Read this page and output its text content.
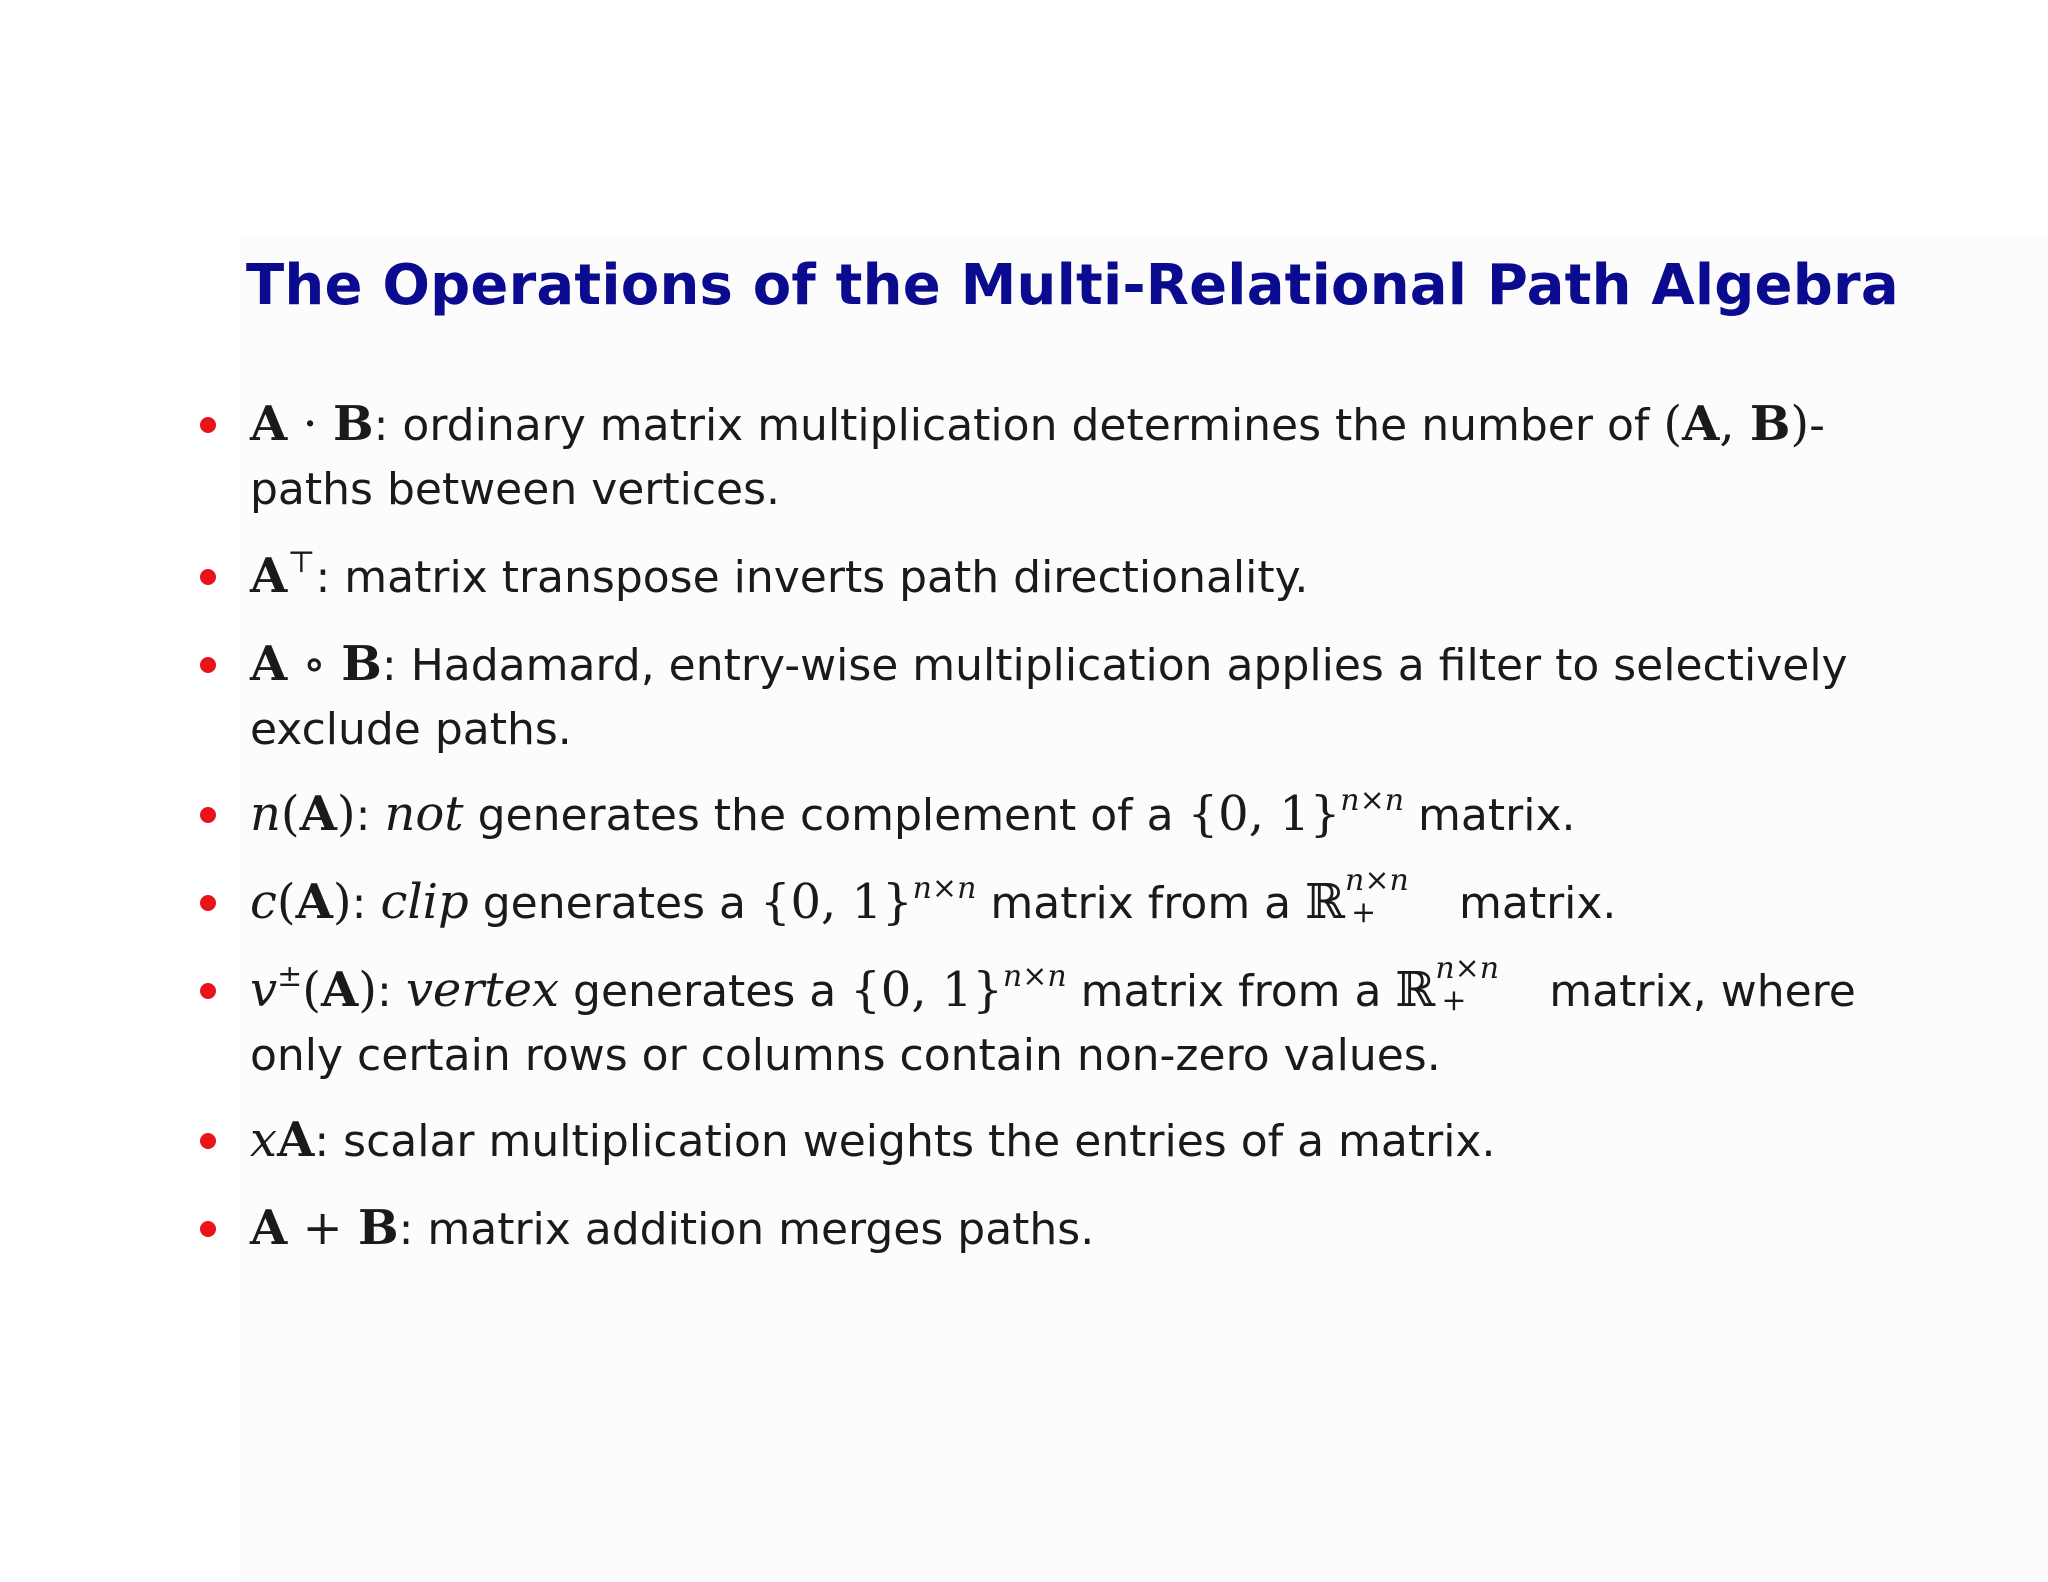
The Operations of the Multi-Relational Path Algebra
A · B: ordinary matrix multiplication determines the number of (A, B)-
paths between vertices.
A⊤: matrix transpose inverts path directionality.
A ∘ B: Hadamard, entry-wise multiplication applies a filter to selectively
exclude paths.
n(A): not generates the complement of a {0, 1}$^{n\times n}$ matrix.
c(A): clip generates a {0, 1}$^{n\times n}$ matrix from a ℝ n×n
+ matrix.
v±(A): vertex generates a {0, 1}$^{n\times n}$ matrix from a ℝ n×n
+ matrix, where
only certain rows or columns contain non-zero values.
xA: scalar multiplication weights the entries of a matrix.
A + B: matrix addition merges paths.
